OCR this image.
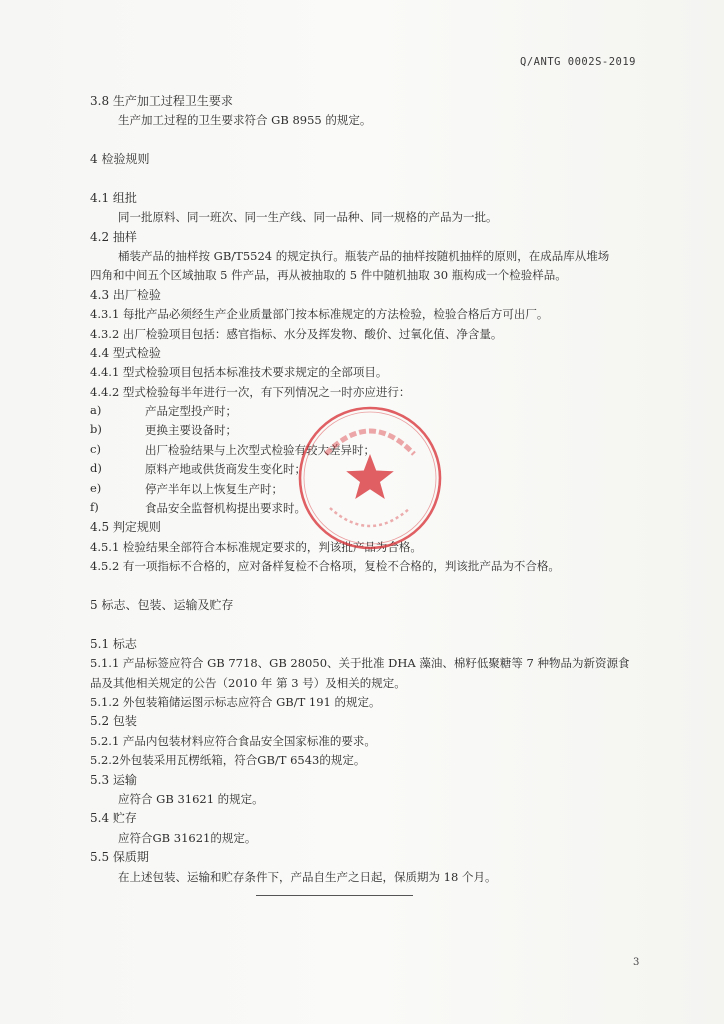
Q/ANTG 0002S-2019
3.8 生产加工过程卫生要求
生产加工过程的卫生要求符合 GB 8955 的规定。
4 检验规则
4.1 组批
同一批原料、同一班次、同一生产线、同一品种、同一规格的产品为一批。
4.2 抽样
桶装产品的抽样按 GB/T5524 的规定执行。瓶装产品的抽样按随机抽样的原则，在成品库从堆场
四角和中间五个区域抽取 5 件产品，再从被抽取的 5 件中随机抽取 30 瓶构成一个检验样品。
4.3 出厂检验
4.3.1 每批产品必须经生产企业质量部门按本标准规定的方法检验，检验合格后方可出厂。
4.3.2 出厂检验项目包括：感官指标、水分及挥发物、酸价、过氧化值、净含量。
4.4 型式检验
4.4.1 型式检验项目包括本标准技术要求规定的全部项目。
4.4.2 型式检验每半年进行一次，有下列情况之一时亦应进行：
a)	产品定型投产时；
b)	更换主要设备时；
c)	出厂检验结果与上次型式检验有较大差异时；
d)	原料产地或供货商发生变化时；
e)	停产半年以上恢复生产时；
f)	食品安全监督机构提出要求时。
4.5 判定规则
4.5.1 检验结果全部符合本标准规定要求的，判该批产品为合格。
4.5.2 有一项指标不合格的，应对备样复检不合格项，复检不合格的，判该批产品为不合格。
5 标志、包装、运输及贮存
5.1 标志
5.1.1 产品标签应符合 GB 7718、GB 28050、关于批准 DHA 藻油、棉籽低聚糖等 7 种物品为新资源食
品及其他相关规定的公告（2010 年 第 3 号）及相关的规定。
5.1.2 外包装箱储运图示标志应符合 GB/T 191 的规定。
5.2 包装
5.2.1 产品内包装材料应符合食品安全国家标准的要求。
5.2.2外包装采用瓦楞纸箱，符合GB/T 6543的规定。
5.3 运输
应符合 GB 31621 的规定。
5.4 贮存
应符合GB 31621的规定。
5.5 保质期
在上述包装、运输和贮存条件下，产品自生产之日起，保质期为 18 个月。
3
